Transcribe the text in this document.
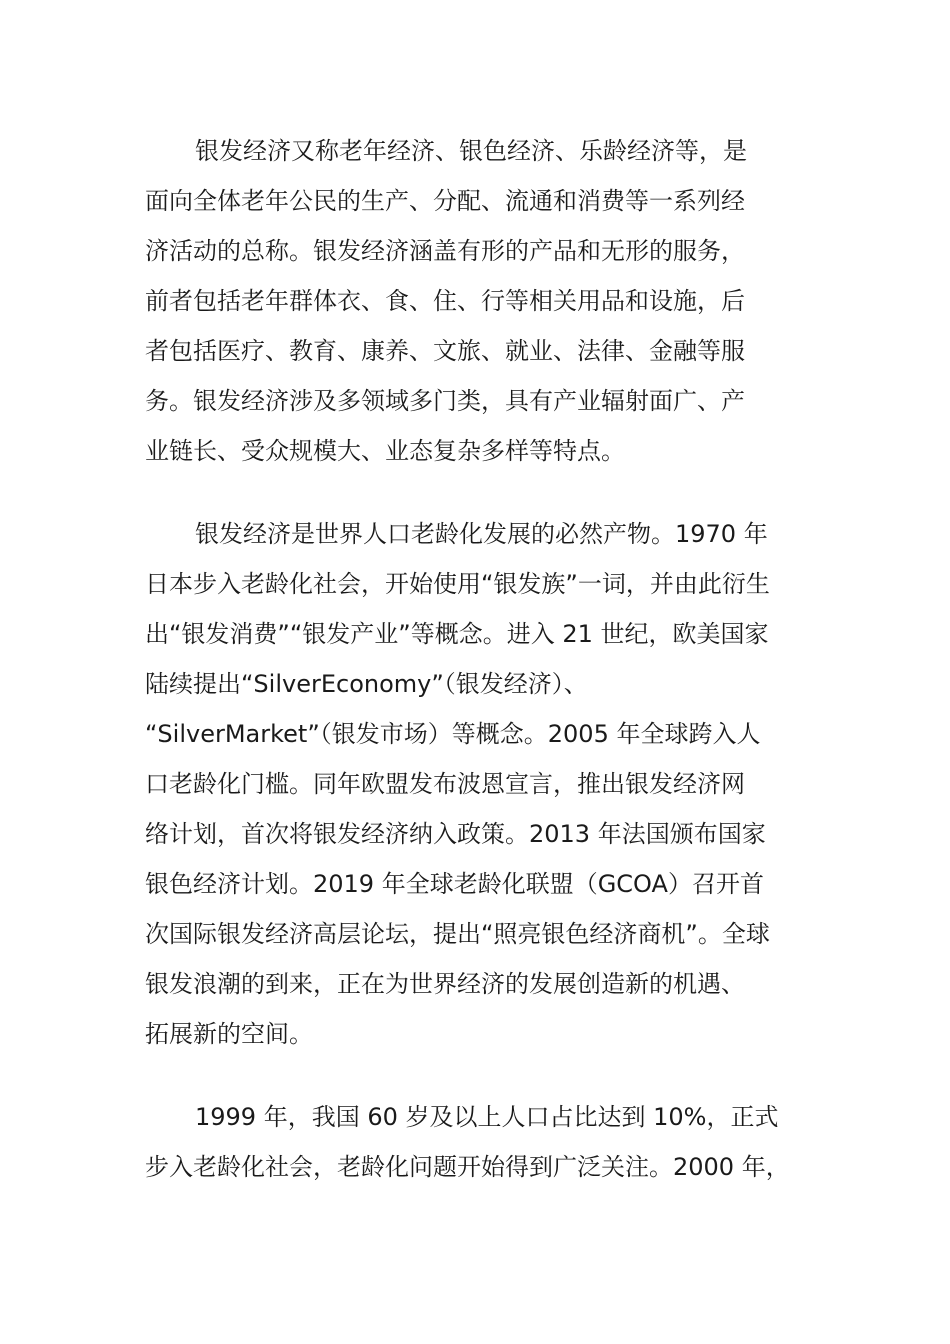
银发经济又称老年经济、银色经济、乐龄经济等，是
面向全体老年公民的生产、分配、流通和消费等一系列经
济活动的总称。银发经济涵盖有形的产品和无形的服务，
前者包括老年群体衣、食、住、行等相关用品和设施，后
者包括医疗、教育、康养、文旅、就业、法律、金融等服
务。银发经济涉及多领域多门类，具有产业辐射面广、产
业链长、受众规模大、业态复杂多样等特点。
银发经济是世界人口老龄化发展的必然产物。1970 年
日本步入老龄化社会，开始使用“银发族”一词，并由此衍生
出“银发消费”“银发产业”等概念。进入 21 世纪，欧美国家
陆续提出“SilverEconomy”（银发经济）、
“SilverMarket”（银发市场）等概念。2005 年全球跨入人
口老龄化门槛。同年欧盟发布波恩宣言，推出银发经济网
络计划，首次将银发经济纳入政策。2013 年法国颁布国家
银色经济计划。2019 年全球老龄化联盟（GCOA）召开首
次国际银发经济高层论坛，提出“照亮银色经济商机”。全球
银发浪潮的到来，正在为世界经济的发展创造新的机遇、
拓展新的空间。
1999 年，我国 60 岁及以上人口占比达到 10%，正式
步入老龄化社会，老龄化问题开始得到广泛关注。2000 年，
